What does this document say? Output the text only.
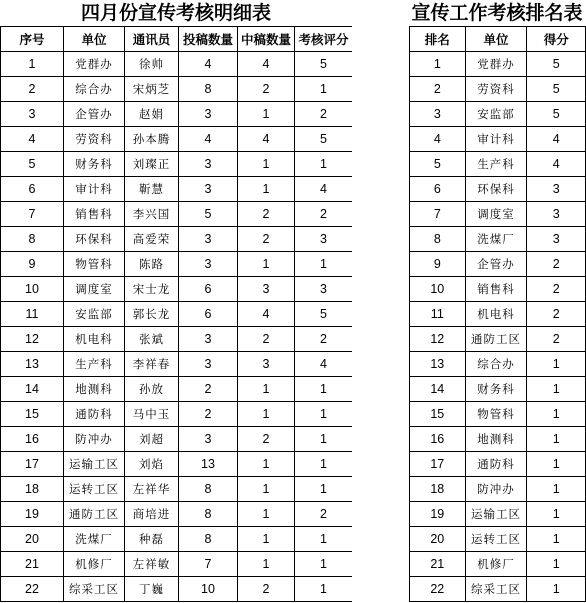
四月份宣传考核明细表	宣传工作考核排名表
序号	单位	通讯员	投稿数量	中稿数量	考核评分
1	党群办	徐帅	4	4	5
2	综合办	宋炳芝	8	2	1
3	企管办	赵娟	3	1	2
4	劳资科	孙本腾	4	4	5
5	财务科	刘璨正	3	1	1
6	审计科	靳慧	3	1	4
7	销售科	李兴国	5	2	2
8	环保科	高爱荣	3	2	3
9	物管科	陈路	3	1	1
10	调度室	宋士龙	6	3	3
11	安监部	郭长龙	6	4	5
12	机电科	张斌	3	2	2
13	生产科	李祥春	3	3	4
14	地测科	孙放	2	1	1
15	通防科	马中玉	2	1	1
16	防冲办	刘超	3	2	1
17	运输工区	刘焰	13	1	1
18	运转工区	左祥华	8	1	1
19	通防工区	商培进	8	1	2
20	洗煤厂	种磊	8	1	1
21	机修厂	左祥敏	7	1	1
22	综采工区	丁巍	10	2	1
排名	单位	得分
1	党群办	5
2	劳资科	5
3	安监部	5
4	审计科	4
5	生产科	4
6	环保科	3
7	调度室	3
8	洗煤厂	3
9	企管办	2
10	销售科	2
11	机电科	2
12	通防工区	2
13	综合办	1
14	财务科	1
15	物管科	1
16	地测科	1
17	通防科	1
18	防冲办	1
19	运输工区	1
20	运转工区	1
21	机修厂	1
22	综采工区	1
